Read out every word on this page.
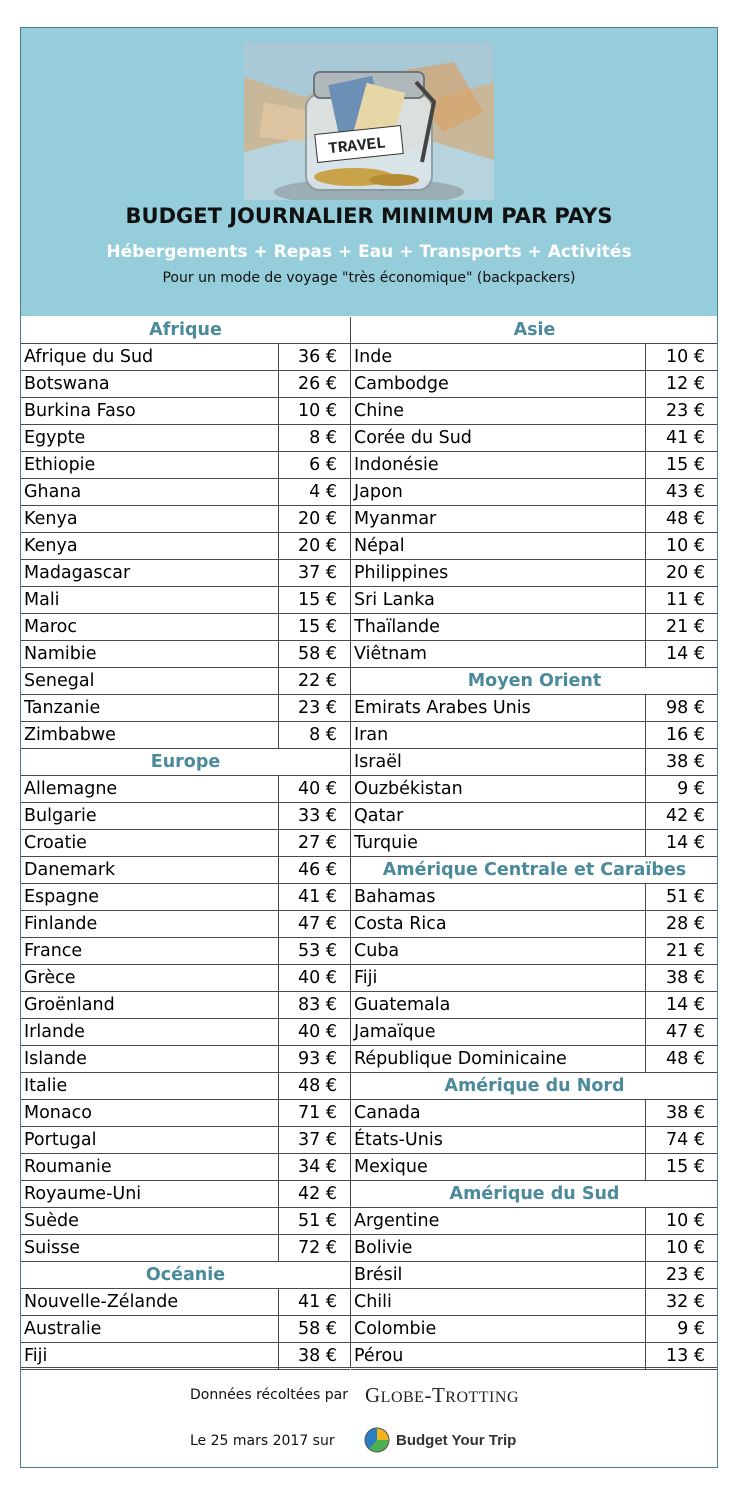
TRAVEL
BUDGET JOURNALIER MINIMUM PAR PAYS
Hébergements + Repas + Eau + Transports + Activités
Pour un mode de voyage "très économique" (backpackers)
Afrique
Afrique du Sud	36 €
Botswana	26 €
Burkina Faso	10 €
Egypte	8 €
Ethiopie	6 €
Ghana	4 €
Kenya	20 €
Kenya	20 €
Madagascar	37 €
Mali	15 €
Maroc	15 €
Namibie	58 €
Senegal	22 €
Tanzanie	23 €
Zimbabwe	8 €
Europe
Allemagne	40 €
Bulgarie	33 €
Croatie	27 €
Danemark	46 €
Espagne	41 €
Finlande	47 €
France	53 €
Grèce	40 €
Groënland	83 €
Irlande	40 €
Islande	93 €
Italie	48 €
Monaco	71 €
Portugal	37 €
Roumanie	34 €
Royaume-Uni	42 €
Suède	51 €
Suisse	72 €
Océanie
Nouvelle-Zélande	41 €
Australie	58 €
Fiji	38 €
Asie
Inde	10 €
Cambodge	12 €
Chine	23 €
Corée du Sud	41 €
Indonésie	15 €
Japon	43 €
Myanmar	48 €
Népal	10 €
Philippines	20 €
Sri Lanka	11 €
Thaïlande	21 €
Viêtnam	14 €
Moyen Orient
Emirats Arabes Unis	98 €
Iran	16 €
Israël	38 €
Ouzbékistan	9 €
Qatar	42 €
Turquie	14 €
Amérique Centrale et Caraïbes
Bahamas	51 €
Costa Rica	28 €
Cuba	21 €
Fiji	38 €
Guatemala	14 €
Jamaïque	47 €
République Dominicaine	48 €
Amérique du Nord
Canada	38 €
États-Unis	74 €
Mexique	15 €
Amérique du Sud
Argentine	10 €
Bolivie	10 €
Brésil	23 €
Chili	32 €
Colombie	9 €
Pérou	13 €
Données récoltées par
Le 25 mars 2017 sur
GLOBE-TROTTING
Budget Your Trip
